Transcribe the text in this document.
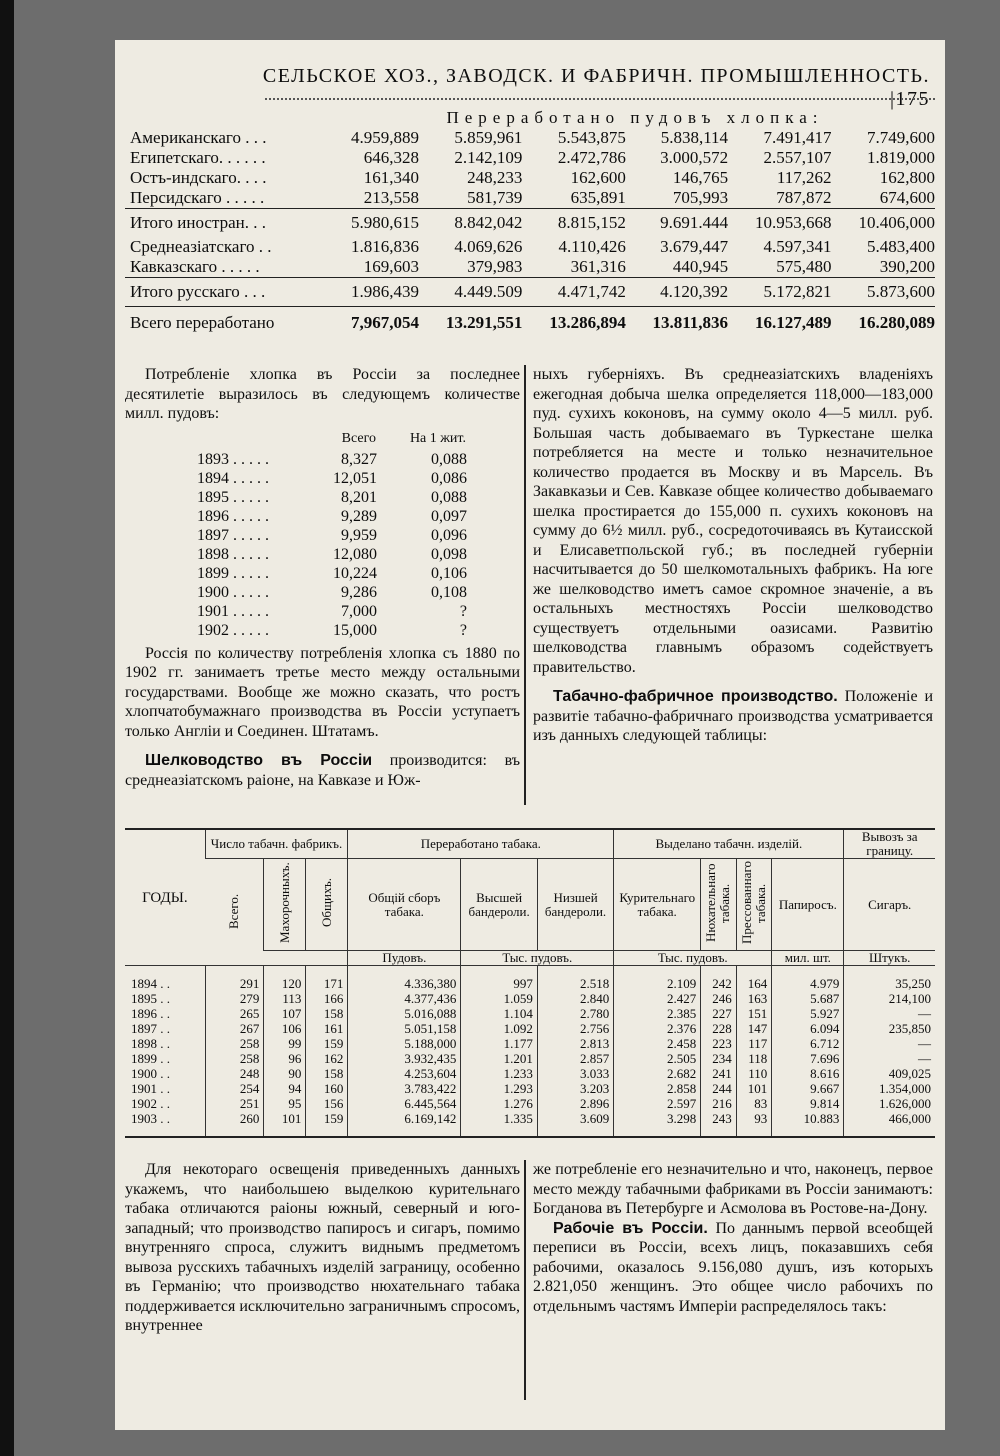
СЕЛЬСКОЕ ХОЗ., ЗАВОДСК. И ФАБРИЧН. ПРОМЫШЛЕННОСТЬ. |175
Переработано пудовъ хлопка:						
Американскаго . . .	4.959,889	5.859,961	5.543,875	5.838,114	7.491,417	7.749,600
Египетскаго. . . . . .	646,328	2.142,109	2.472,786	3.000,572	2.557,107	1.819,000
Остъ-индскаго. . . .	161,340	248,233	162,600	146,765	117,262	162,800
Персидскаго . . . . .	213,558	581,739	635,891	705,993	787,872	674,600
Итого иностран. . .	5.980,615	8.842,042	8.815,152	9.691.444	10.953,668	10.406,000
Среднеазiатскаго . .	1.816,836	4.069,626	4.110,426	3.679,447	4.597,341	5.483,400
Кавказскаго . . . . .	169,603	379,983	361,316	440,945	575,480	390,200
Итого русскаго . . .	1.986,439	4.449.509	4.471,742	4.120,392	5.172,821	5.873,600
Всего переработано	7,967,054	13.291,551	13.286,894	13.811,836	16.127,489	16.280,089

Потребленiе хлопка въ Россiи за последнее десятилетiе выразилось въ следующемъ количестве милл. пудовъ:

	Всего	На 1 жит.
1893 . . . . .	8,327	0,088
1894 . . . . .	12,051	0,086
1895 . . . . .	8,201	0,088
1896 . . . . .	9,289	0,097
1897 . . . . .	9,959	0,096
1898 . . . . .	12,080	0,098
1899 . . . . .	10,224	0,106
1900 . . . . .	9,286	0,108
1901 . . . . .	7,000	?
1902 . . . . .	15,000	?

Россiя по количеству потребленiя хлопка съ 1880 по 1902 гг. занимаетъ третье место между остальными государствами. Вообще же можно сказать, что ростъ хлопчатобумажнаго производства въ Россiи уступаетъ только Англiи и Соединен. Штатамъ.

Шелководство въ Россiи производится: въ среднеазiатскомъ раiоне, на Кавказе и Юж-

ныхъ губернiяхъ. Въ среднеазiатскихъ владенiяхъ ежегодная добыча шелка определяется 118,000—183,000 пуд. сухихъ коконовъ, на сумму около 4—5 милл. руб. Большая часть добываемаго въ Туркестане шелка потребляется на месте и только незначительное количество продается въ Москву и въ Марсель. Въ Закавказьи и Сев. Кавказе общее количество добываемаго шелка простирается до 155,000 п. сухихъ коконовъ на сумму до 6½ милл. руб., сосредоточиваясь въ Кутаисской и Елисаветпольской губ.; въ последней губернiи насчитывается до 50 шелкомотальныхъ фабрикъ. На юге же шелководство иметъ самое скромное значенiе, а въ остальныхъ местностяхъ Россiи шелководство существуетъ отдельными оазисами. Развитiю шелководства главнымъ образомъ содействуетъ правительство.

Табачно-фабричное производство. Положенiе и развитiе табачно-фабричнаго производства усматривается изъ данныхъ следующей таблицы:

ГОДЫ.	Число табачн. фабрикъ.			Переработано табака.			Выделано табачн. изделiй.				Вывозъ за границу.
	Всего.	Махорочныхъ.	Общихъ.	Общiй сборъ табака.	Высшей бандероли.	Низшей бандероли.	Курительнаго табака.	Нюхательнаго табака.	Прессованнаго табака.	Папиросъ.	Сигаръ.
				Пудовъ.	Тыс. пудовъ.		Тыс. пудовъ.			мил. шт.	Штукъ.
1894 . .	291	120	171	4.336,380	997	2.518	2.109	242	164	4.979	35,250
1895 . .	279	113	166	4.377,436	1.059	2.840	2.427	246	163	5.687	214,100
1896 . .	265	107	158	5.016,088	1.104	2.780	2.385	227	151	5.927	—
1897 . .	267	106	161	5.051,158	1.092	2.756	2.376	228	147	6.094	235,850
1898 . .	258	99	159	5.188,000	1.177	2.813	2.458	223	117	6.712	—
1899 . .	258	96	162	3.932,435	1.201	2.857	2.505	234	118	7.696	—
1900 . .	248	90	158	4.253,604	1.233	3.033	2.682	241	110	8.616	409,025
1901 . .	254	94	160	3.783,422	1.293	3.203	2.858	244	101	9.667	1.354,000
1902 . .	251	95	156	6.445,564	1.276	2.896	2.597	216	83	9.814	1.626,000
1903 . .	260	101	159	6.169,142	1.335	3.609	3.298	243	93	10.883	466,000

Для некотораго освещенiя приведенныхъ данныхъ укажемъ, что наибольшею выделкою курительнаго табака отличаются раiоны южный, северный и юго-западный; что производство папиросъ и сигаръ, помимо внутренняго спроса, служитъ виднымъ предметомъ вывоза русскихъ табачныхъ изделiй заграницу, особенно въ Германiю; что производство нюхательнаго табака поддерживается исключительно заграничнымъ спросомъ, внутреннее

же потребленiе его незначительно и что, наконецъ, первое место между табачными фабриками въ Россiи занимаютъ: Богданова въ Петербурге и Асмолова въ Ростове-на-Дону.

Рабочiе въ Россiи. По даннымъ первой всеобщей переписи въ Россiи, всехъ лицъ, показавшихъ себя рабочими, оказалось 9.156,080 душъ, изъ которыхъ 2.821,050 женщинъ. Это общее число рабочихъ по отдельнымъ частямъ Имперiи распределялось такъ:
